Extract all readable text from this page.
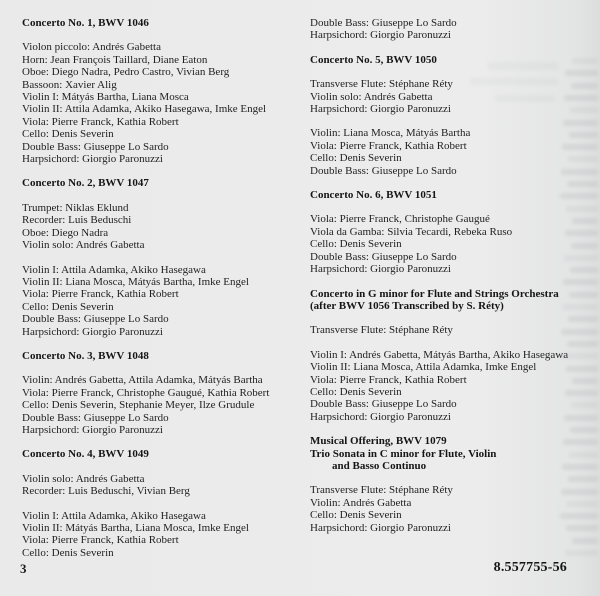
Concerto No. 1, BWV 1046
Violon piccolo: Andrés Gabetta
Horn: Jean François Taillard, Diane Eaton
Oboe: Diego Nadra, Pedro Castro, Vivian Berg
Bassoon: Xavier Alig
Violin I: Mátyás Bartha, Liana Mosca
Violin II: Attila Adamka, Akiko Hasegawa, Imke Engel
Viola: Pierre Franck, Kathia Robert
Cello: Denis Severin
Double Bass: Giuseppe Lo Sardo
Harpsichord: Giorgio Paronuzzi
Concerto No. 2, BWV 1047
Trumpet: Niklas Eklund
Recorder: Luis Beduschi
Oboe: Diego Nadra
Violin solo: Andrés Gabetta
Violin I: Attila Adamka, Akiko Hasegawa
Violin II: Liana Mosca, Mátyás Bartha, Imke Engel
Viola: Pierre Franck, Kathia Robert
Cello: Denis Severin
Double Bass: Giuseppe Lo Sardo
Harpsichord: Giorgio Paronuzzi
Concerto No. 3, BWV 1048
Violin: Andrés Gabetta, Attila Adamka, Mátyás Bartha
Viola: Pierre Franck, Christophe Gaugué, Kathia Robert
Cello: Denis Severin, Stephanie Meyer, Ilze Grudule
Double Bass: Giuseppe Lo Sardo
Harpsichord: Giorgio Paronuzzi
Concerto No. 4, BWV 1049
Violin solo: Andrés Gabetta
Recorder: Luis Beduschi, Vivian Berg
Violin I: Attila Adamka, Akiko Hasegawa
Violin II: Mátyás Bartha, Liana Mosca, Imke Engel
Viola: Pierre Franck, Kathia Robert
Cello: Denis Severin
Double Bass: Giuseppe Lo Sardo
Harpsichord: Giorgio Paronuzzi
Concerto No. 5, BWV 1050
Transverse Flute: Stéphane Réty
Violin solo: Andrés Gabetta
Harpsichord: Giorgio Paronuzzi
Violin: Liana Mosca, Mátyás Bartha
Viola: Pierre Franck, Kathia Robert
Cello: Denis Severin
Double Bass: Giuseppe Lo Sardo
Concerto No. 6, BWV 1051
Viola: Pierre Franck, Christophe Gaugué
Viola da Gamba: Silvia Tecardi, Rebeka Ruso
Cello: Denis Severin
Double Bass: Giuseppe Lo Sardo
Harpsichord: Giorgio Paronuzzi
Concerto in G minor for Flute and Strings Orchestra
(after BWV 1056 Transcribed by S. Réty)
Transverse Flute: Stéphane Réty
Violin I: Andrés Gabetta, Mátyás Bartha, Akiko Hasegawa
Violin II: Liana Mosca, Attila Adamka, Imke Engel
Viola: Pierre Franck, Kathia Robert
Cello: Denis Severin
Double Bass: Giuseppe Lo Sardo
Harpsichord: Giorgio Paronuzzi
Musical Offering, BWV 1079
Trio Sonata in C minor for Flute, Violin
and Basso Continuo
Transverse Flute: Stéphane Réty
Violin: Andrés Gabetta
Cello: Denis Severin
Harpsichord: Giorgio Paronuzzi
3	8.557755-56
